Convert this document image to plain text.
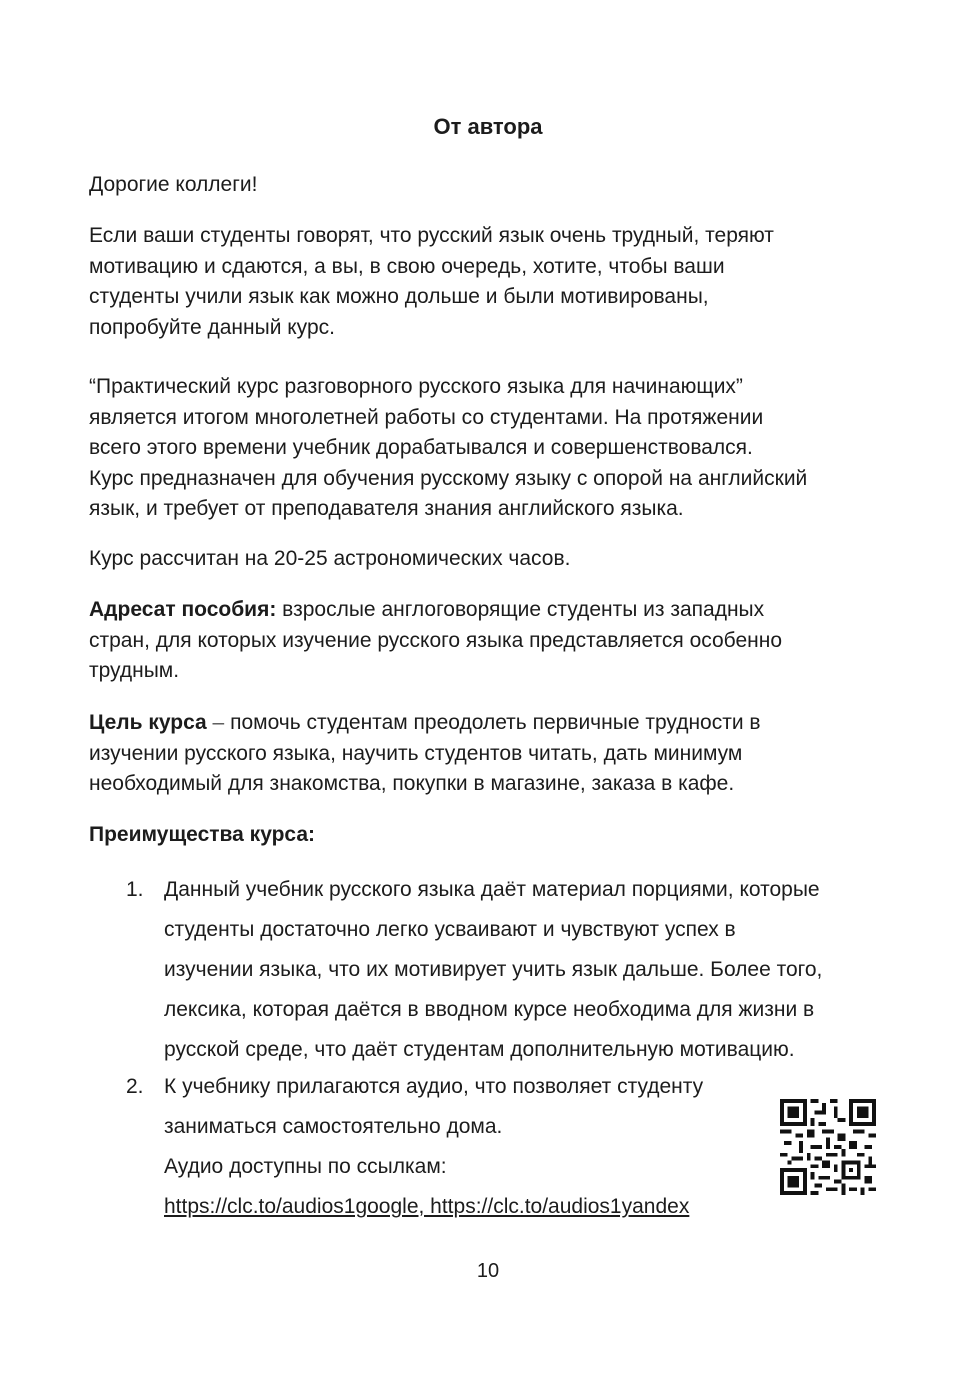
От автора

Дорогие коллеги!

Если ваши студенты говорят, что русский язык очень трудный, теряют
мотивацию и сдаются, а вы, в свою очередь, хотите, чтобы ваши
студенты учили язык как можно дольше и были мотивированы,
попробуйте данный курс.

“Практический курс разговорного русского языка для начинающих”
является итогом многолетней работы со студентами. На протяжении
всего этого времени учебник дорабатывался и совершенствовался.
Курс предназначен для обучения русскому языку с опорой на английский
язык, и требует от преподавателя знания английского языка.

Курс рассчитан на 20-25 астрономических часов.

Адресат пособия: взрослые англоговорящие студенты из западных
стран, для которых изучение русского языка представляется особенно
трудным.

Цель курса – помочь студентам преодолеть первичные трудности в
изучении русского языка, научить студентов читать, дать минимум
необходимый для знакомства, покупки в магазине, заказа в кафе.

Преимущества курса:

1. Данный учебник русского языка даёт материал порциями, которые
студенты достаточно легко усваивают и чувствуют успех в
изучении языка, что их мотивирует учить язык дальше. Более того,
лексика, которая даётся в вводном курсе необходима для жизни в
русской среде, что даёт студентам дополнительную мотивацию.

2. К учебнику прилагаются аудио, что позволяет студенту
заниматься самостоятельно дома.
Аудио доступны по ссылкам:
https://clc.to/audios1google, https://clc.to/audios1yandex

10
